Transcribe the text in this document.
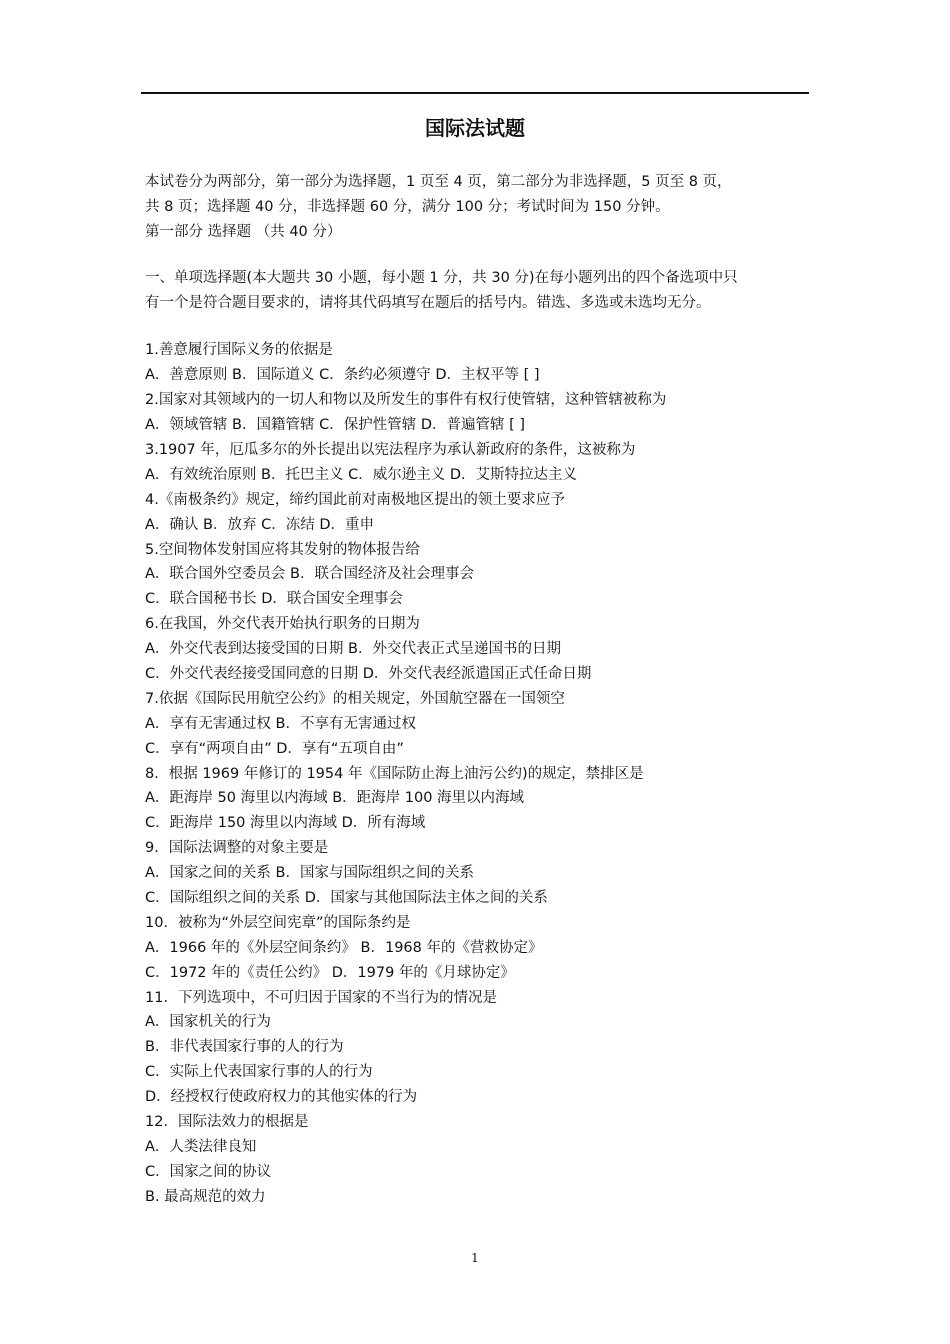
国际法试题
本试卷分为两部分，第一部分为选择题，1 页至 4 页，第二部分为非选择题，5 页至 8 页，
共 8 页；选择题 40 分，非选择题 60 分，满分 100 分；考试时间为 150 分钟。
第一部分 选择题 （共 40 分）
一、单项选择题(本大题共 30 小题，每小题 1 分，共 30 分)在每小题列出的四个备选项中只
有一个是符合题目要求的，请将其代码填写在题后的括号内。错选、多选或未选均无分。
1.善意履行国际义务的依据是
A．善意原则 B．国际道义 C．条约必须遵守 D．主权平等 [ ]
2.国家对其领域内的一切人和物以及所发生的事件有权行使管辖，这种管辖被称为
A．领域管辖 B．国籍管辖 C．保护性管辖 D．普遍管辖 [ ]
3.1907 年，厄瓜多尔的外长提出以宪法程序为承认新政府的条件，这被称为
A．有效统治原则 B．托巴主义 C．威尔逊主义 D．艾斯特拉达主义
4.《南极条约》规定，缔约国此前对南极地区提出的领土要求应予
A．确认 B．放弃 C．冻结 D．重申
5.空间物体发射国应将其发射的物体报告给
A．联合国外空委员会 B．联合国经济及社会理事会
C．联合国秘书长 D．联合国安全理事会
6.在我国，外交代表开始执行职务的日期为
A．外交代表到达接受国的日期 B．外交代表正式呈递国书的日期
C．外交代表经接受国同意的日期 D．外交代表经派遣国正式任命日期
7.依据《国际民用航空公约》的相关规定，外国航空器在一国领空
A．享有无害通过权 B．不享有无害通过权
C．享有“两项自由” D．享有“五项自由”
8．根据 1969 年修订的 1954 年《国际防止海上油污公约)的规定，禁排区是
A．距海岸 50 海里以内海域 B．距海岸 100 海里以内海域
C．距海岸 150 海里以内海域 D．所有海域
9．国际法调整的对象主要是
A．国家之间的关系 B．国家与国际组织之间的关系
C．国际组织之间的关系 D．国家与其他国际法主体之间的关系
10．被称为“外层空间宪章”的国际条约是
A．1966 年的《外层空间条约》 B．1968 年的《营救协定》
C．1972 年的《责任公约》 D．1979 年的《月球协定》
11．下列选项中，不可归因于国家的不当行为的情况是
A．国家机关的行为
B．非代表国家行事的人的行为
C．实际上代表国家行事的人的行为
D．经授权行使政府权力的其他实体的行为
12．国际法效力的根据是
A．人类法律良知
C．国家之间的协议
B. 最高规范的效力
1
